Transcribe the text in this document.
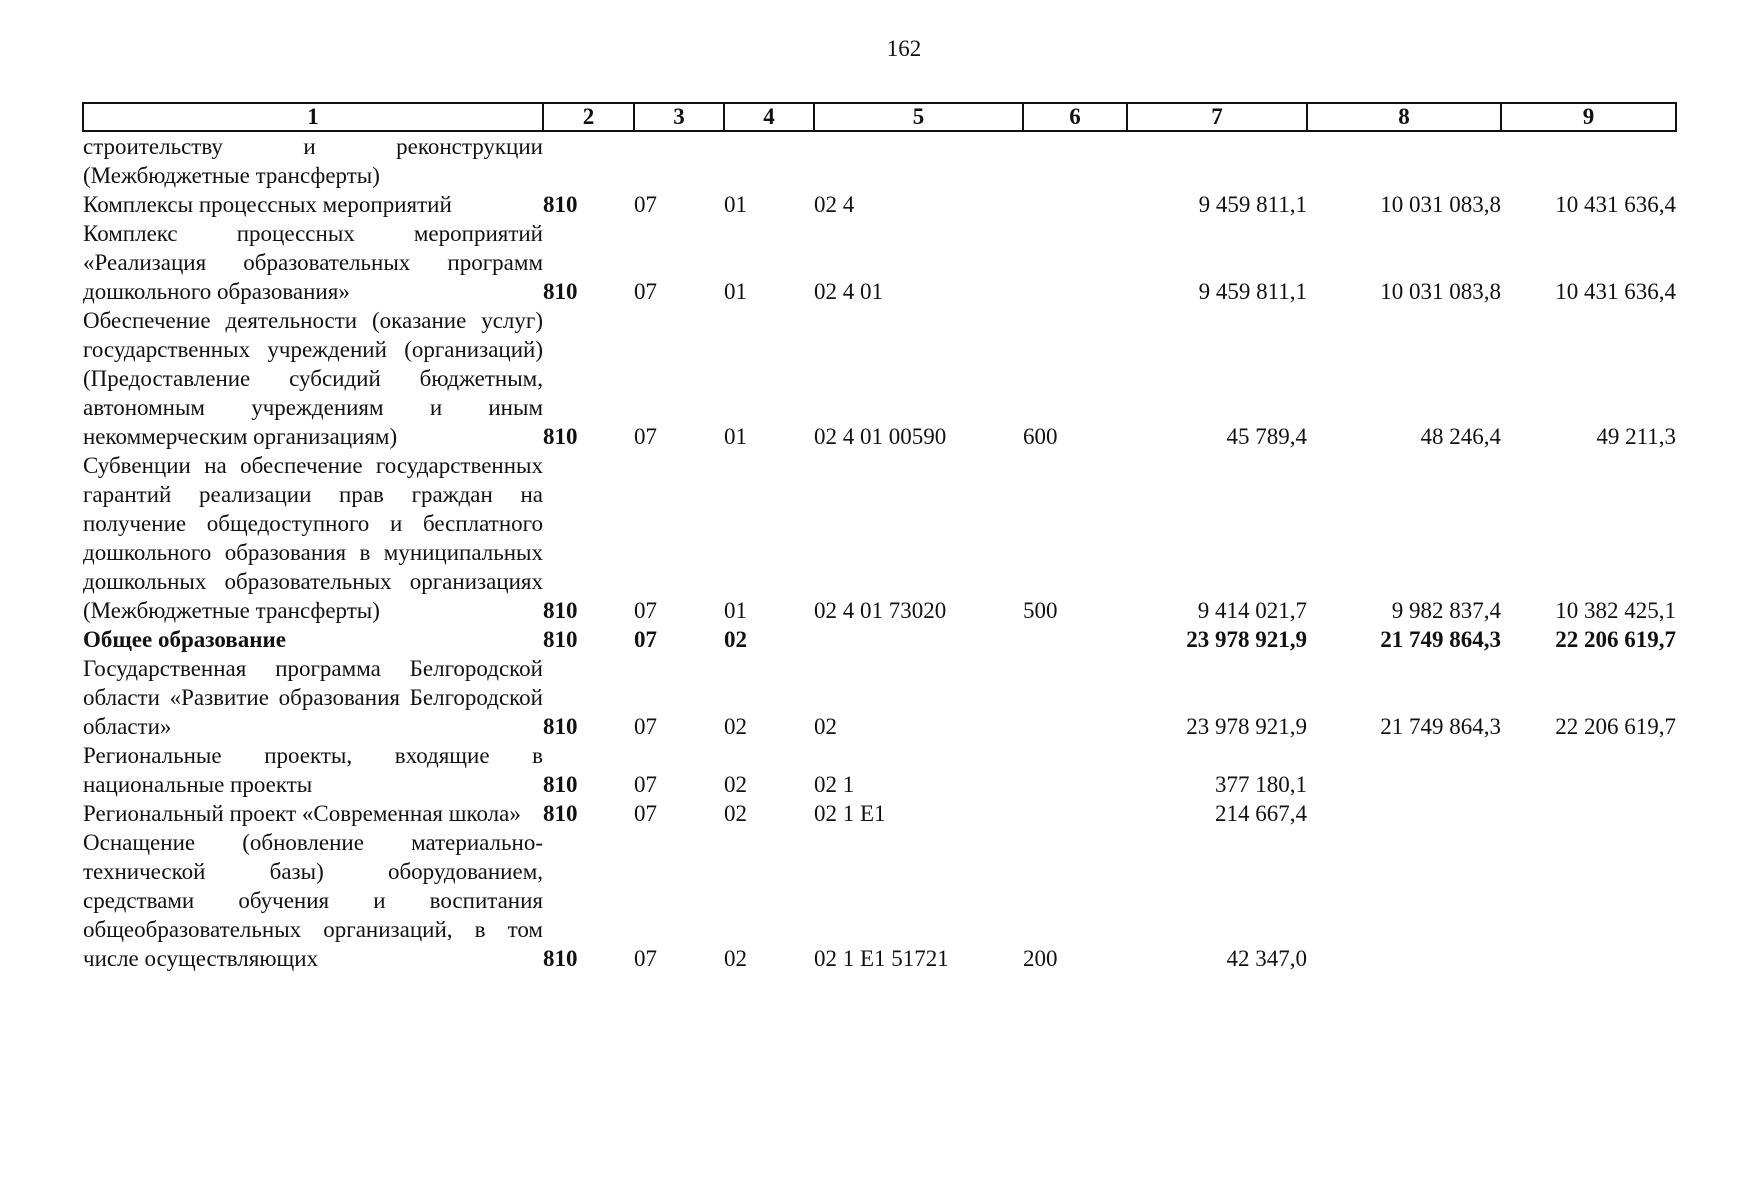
162
1	2	3	4	5	6	7	8	9
строительству и реконструкции (Межбюджетные трансферты)								
Комплексы процессных мероприятий	810	07	01	02 4		9 459 811,1	10 031 083,8	10 431 636,4
Комплекс процессных мероприятий «Реализация образовательных программ дошкольного образования»	810	07	01	02 4 01		9 459 811,1	10 031 083,8	10 431 636,4
Обеспечение деятельности (оказание услуг) государственных учреждений (организаций) (Предоставление субсидий бюджетным, автономным учреждениям и иным некоммерческим организациям)	810	07	01	02 4 01 00590	600	45 789,4	48 246,4	49 211,3
Субвенции на обеспечение государственных гарантий реализации прав граждан на получение общедоступного и бесплатного дошкольного образования в муниципальных дошкольных образовательных организациях (Межбюджетные трансферты)	810	07	01	02 4 01 73020	500	9 414 021,7	9 982 837,4	10 382 425,1
Общее образование	810	07	02			23 978 921,9	21 749 864,3	22 206 619,7
Государственная программа Белгородской области «Развитие образования Белгородской области»	810	07	02	02		23 978 921,9	21 749 864,3	22 206 619,7
Региональные проекты, входящие в национальные проекты	810	07	02	02 1		377 180,1		
Региональный проект «Современная школа»	810	07	02	02 1 E1		214 667,4		
Оснащение (обновление материально-технической базы) оборудованием, средствами обучения и воспитания общеобразовательных организаций, в том числе осуществляющих	810	07	02	02 1 E1 51721	200	42 347,0		
